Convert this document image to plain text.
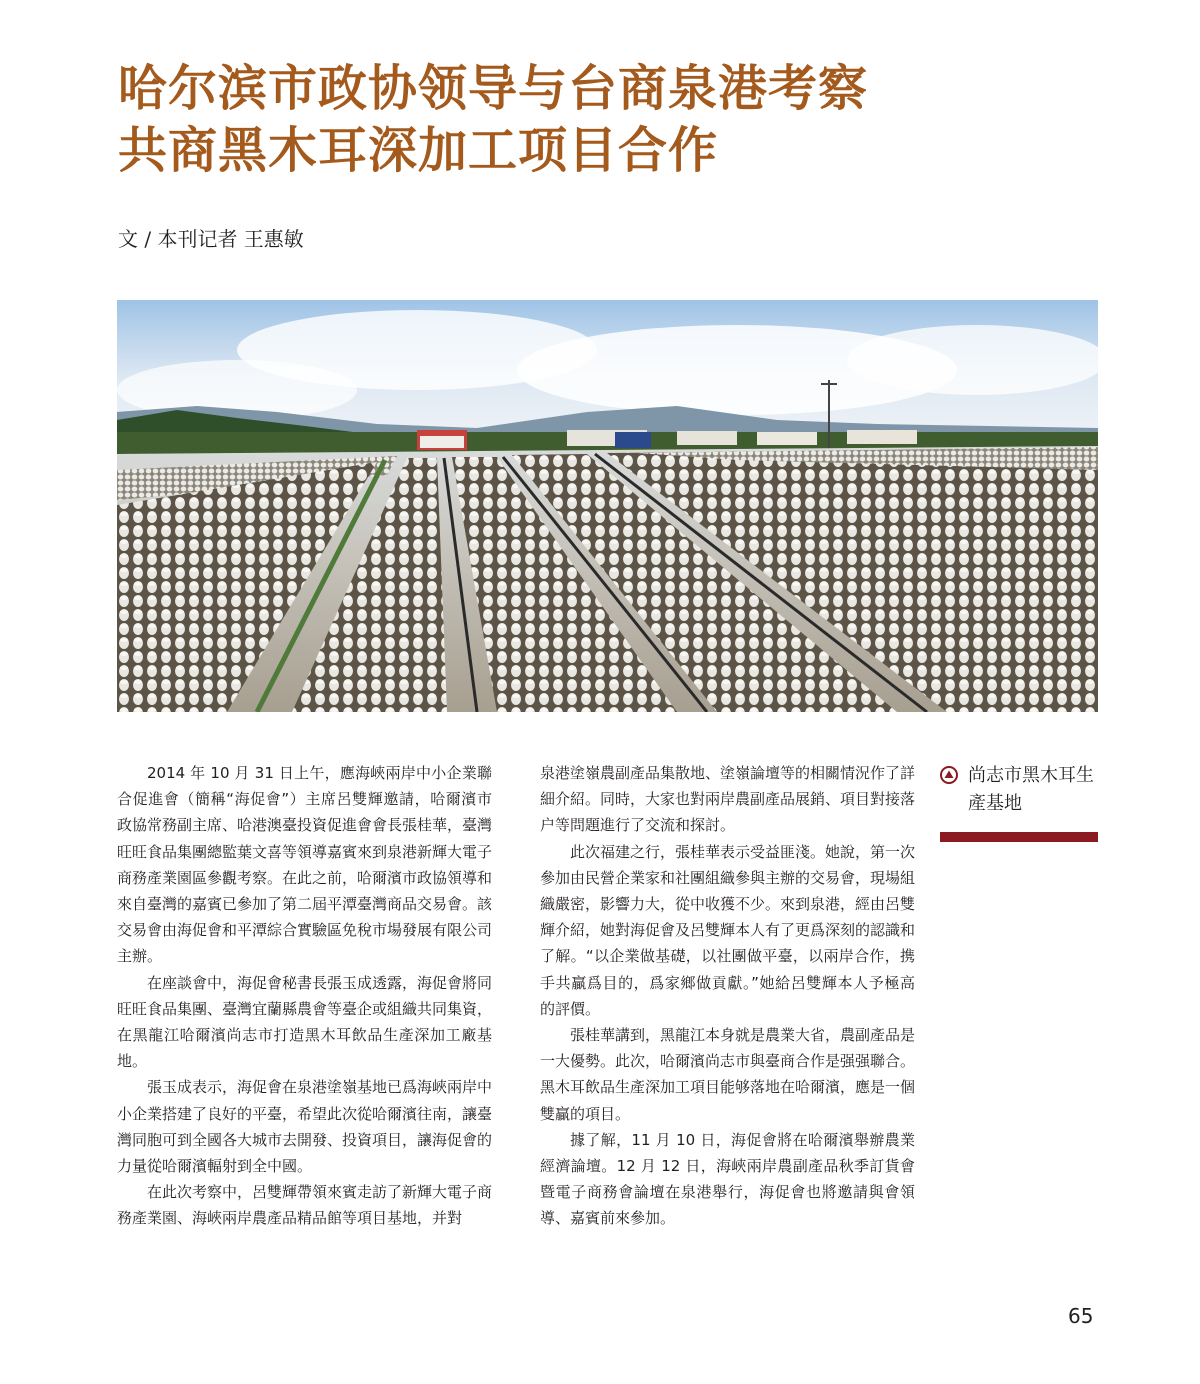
哈尔滨市政协领导与台商泉港考察
共商黑木耳深加工项目合作
文 / 本刊记者 王惠敏

2014 年 10 月 31 日上午，應海峽兩岸中小企業聯合促進會（簡稱“海促會”）主席呂雙輝邀請，哈爾濱市政協常務副主席、哈港澳臺投資促進會會長張桂華，臺灣旺旺食品集團總監葉文喜等領導嘉賓來到泉港新輝大電子商務產業園區參觀考察。在此之前，哈爾濱市政協領導和來自臺灣的嘉賓已參加了第二屆平潭臺灣商品交易會。該交易會由海促會和平潭綜合實驗區免稅市場發展有限公司主辦。

在座談會中，海促會秘書長張玉成透露，海促會將同旺旺食品集團、臺灣宜蘭縣農會等臺企或組織共同集資，在黑龍江哈爾濱尚志市打造黑木耳飲品生產深加工廠基地。

張玉成表示，海促會在泉港塗嶺基地已爲海峽兩岸中小企業搭建了良好的平臺，希望此次從哈爾濱往南，讓臺灣同胞可到全國各大城市去開發、投資項目，讓海促會的力量從哈爾濱輻射到全中國。

在此次考察中，呂雙輝帶領來賓走訪了新輝大電子商務產業園、海峽兩岸農產品精品館等項目基地，并對

泉港塗嶺農副產品集散地、塗嶺論壇等的相關情況作了詳細介紹。同時，大家也對兩岸農副產品展銷、項目對接落户等問題進行了交流和探討。

此次福建之行，張桂華表示受益匪淺。她說，第一次參加由民營企業家和社團組織參與主辦的交易會，現場組織嚴密，影響力大，從中收獲不少。來到泉港，經由呂雙輝介紹，她對海促會及呂雙輝本人有了更爲深刻的認識和了解。“以企業做基礎，以社團做平臺，以兩岸合作，携手共贏爲目的，爲家鄉做貢獻。”她給呂雙輝本人予極高的評價。

張桂華講到，黑龍江本身就是農業大省，農副產品是一大優勢。此次，哈爾濱尚志市與臺商合作是强强聯合。黑木耳飲品生產深加工項目能够落地在哈爾濱，應是一個雙贏的項目。

據了解，11 月 10 日，海促會將在哈爾濱舉辦農業經濟論壇。12 月 12 日，海峽兩岸農副產品秋季訂貨會暨電子商務會論壇在泉港舉行，海促會也將邀請與會領導、嘉賓前來參加。

尚志市黑木耳生產基地
65
